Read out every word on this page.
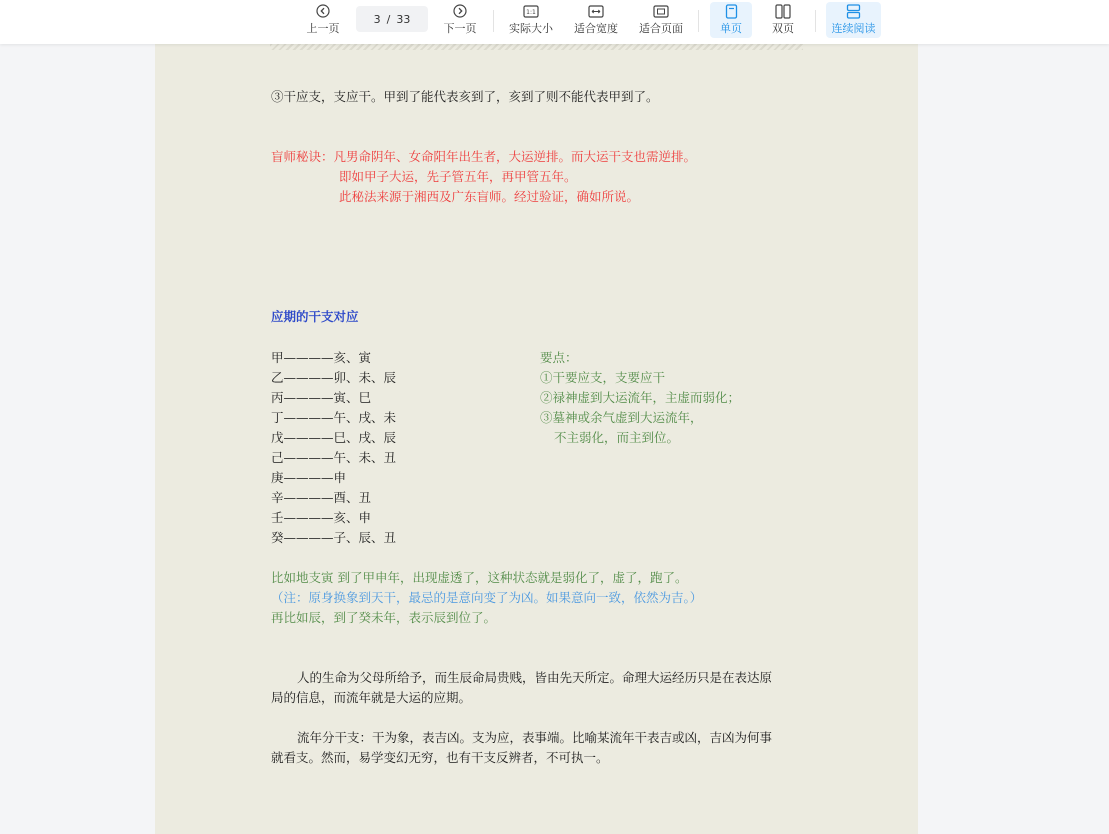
上一页
3 / 33
下一页
1:1
实际大小 适合宽度 适合页面	单页	双页	连续阅读
③干应支，支应干。甲到了能代表亥到了，亥到了则不能代表甲到了。
盲师秘诀：凡男命阴年、女命阳年出生者，大运逆排。而大运干支也需逆排。
即如甲子大运，先子管五年，再甲管五年。
此秘法来源于湘西及广东盲师。经过验证，确如所说。
应期的干支对应
甲————亥、寅
乙————卯、未、辰
丙————寅、巳
丁————午、戌、未
戊————巳、戌、辰
己————午、未、丑
庚————申
辛————酉、丑
壬————亥、申
癸————子、辰、丑
要点：
①干要应支，支要应干
②禄神虚到大运流年，主虚而弱化；
③墓神或余气虚到大运流年，
不主弱化，而主到位。
比如地支寅 到了甲申年，出现虚透了，这种状态就是弱化了，虚了，跑了。
（注：原身换象到天干，最忌的是意向变了为凶。如果意向一致，依然为吉。）
再比如辰，到了癸未年，表示辰到位了。
人的生命为父母所给予，而生辰命局贵贱，皆由先天所定。命理大运经历只是在表达原
局的信息，而流年就是大运的应期。
流年分干支：干为象，表吉凶。支为应，表事端。比喻某流年干表吉或凶，吉凶为何事
就看支。然而，易学变幻无穷，也有干支反辨者，不可执一。
